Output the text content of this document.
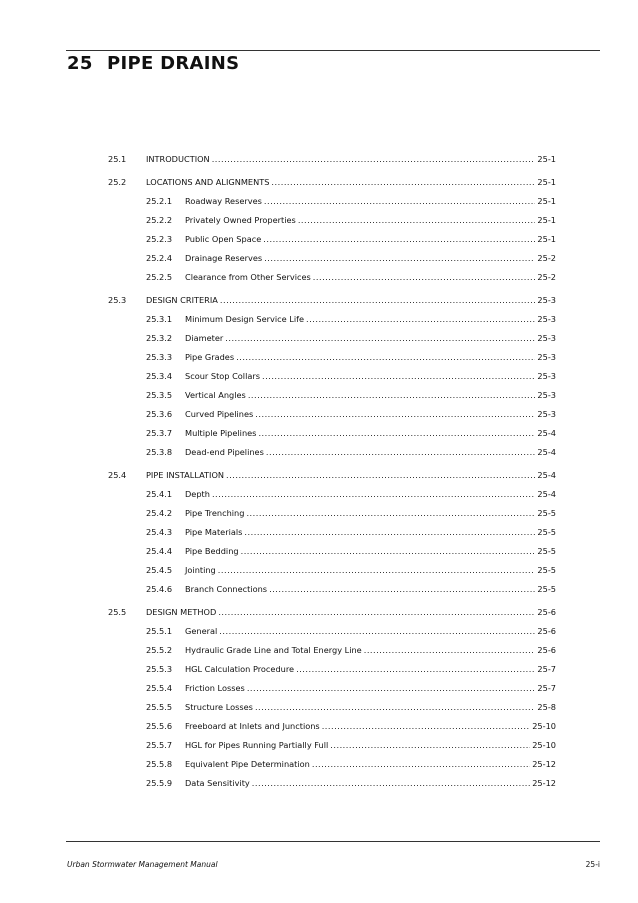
25 PIPE DRAINS
25.1 INTRODUCTION .....	25-1
25.2 LOCATIONS AND ALIGNMENTS .....	25-1
25.2.1 Roadway Reserves .....	25-1
25.2.2 Privately Owned Properties .....	25-1
25.2.3 Public Open Space .....	25-1
25.2.4 Drainage Reserves .....	25-2
25.2.5 Clearance from Other Services .....	25-2
25.3 DESIGN CRITERIA .....	25-3
25.3.1 Minimum Design Service Life .....	25-3
25.3.2 Diameter .....	25-3
25.3.3 Pipe Grades .....	25-3
25.3.4 Scour Stop Collars .....	25-3
25.3.5 Vertical Angles .....	25-3
25.3.6 Curved Pipelines .....	25-3
25.3.7 Multiple Pipelines .....	25-4
25.3.8 Dead-end Pipelines .....	25-4
25.4 PIPE INSTALLATION .....	25-4
25.4.1 Depth .....	25-4
25.4.2 Pipe Trenching .....	25-5
25.4.3 Pipe Materials .....	25-5
25.4.4 Pipe Bedding .....	25-5
25.4.5 Jointing .....	25-5
25.4.6 Branch Connections .....	25-5
25.5 DESIGN METHOD .....	25-6
25.5.1 General .....	25-6
25.5.2 Hydraulic Grade Line and Total Energy Line .....	25-6
25.5.3 HGL Calculation Procedure .....	25-7
25.5.4 Friction Losses .....	25-7
25.5.5 Structure Losses .....	25-8
25.5.6 Freeboard at Inlets and Junctions .....	25-10
25.5.7 HGL for Pipes Running Partially Full .....	25-10
25.5.8 Equivalent Pipe Determination .....	25-12
25.5.9 Data Sensitivity .....	25-12
Urban Stormwater Management Manual	25-i
